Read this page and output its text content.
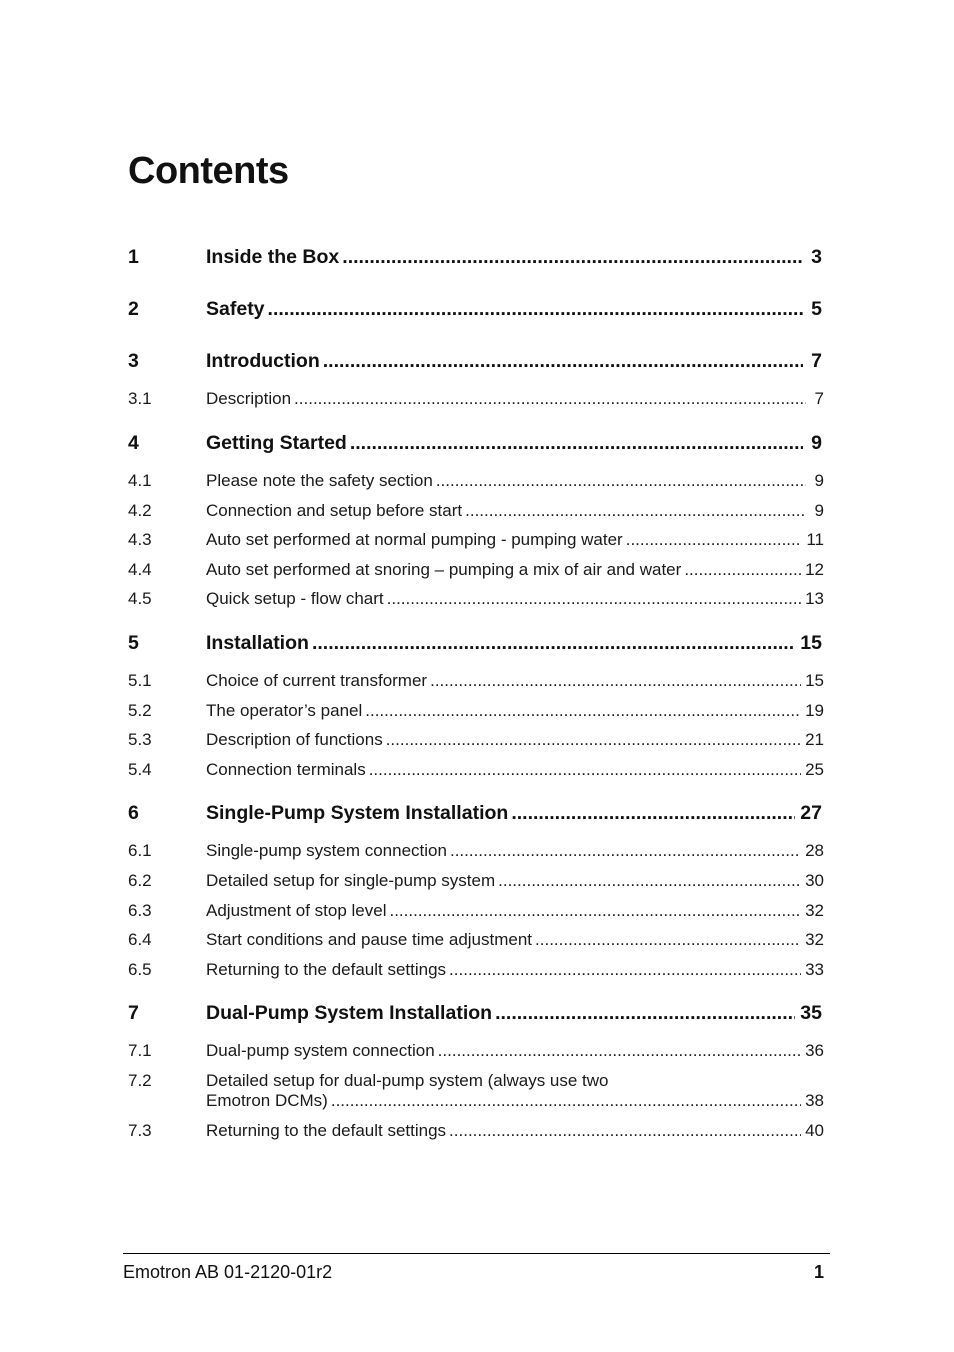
Contents
1	Inside the Box .....	3
2	Safety .....	5
3	Introduction .....	7
3.1	Description .....	7
4	Getting Started .....	9
4.1	Please note the safety section .....	9
4.2	Connection and setup before start .....	9
4.3	Auto set performed at normal pumping - pumping water .....	11
4.4	Auto set performed at snoring – pumping a mix of air and water .....	12
4.5	Quick setup - flow chart .....	13
5	Installation .....	15
5.1	Choice of current transformer .....	15
5.2	The operator’s panel .....	19
5.3	Description of functions .....	21
5.4	Connection terminals .....	25
6	Single-Pump System Installation .....	27
6.1	Single-pump system connection .....	28
6.2	Detailed setup for single-pump system .....	30
6.3	Adjustment of stop level .....	32
6.4	Start conditions and pause time adjustment .....	32
6.5	Returning to the default settings .....	33
7	Dual-Pump System Installation .....	35
7.1	Dual-pump system connection .....	36
7.2	Detailed setup for dual-pump system (always use two
Emotron DCMs) .....	38
7.3	Returning to the default settings .....	40
Emotron AB 01-2120-01r2	1
